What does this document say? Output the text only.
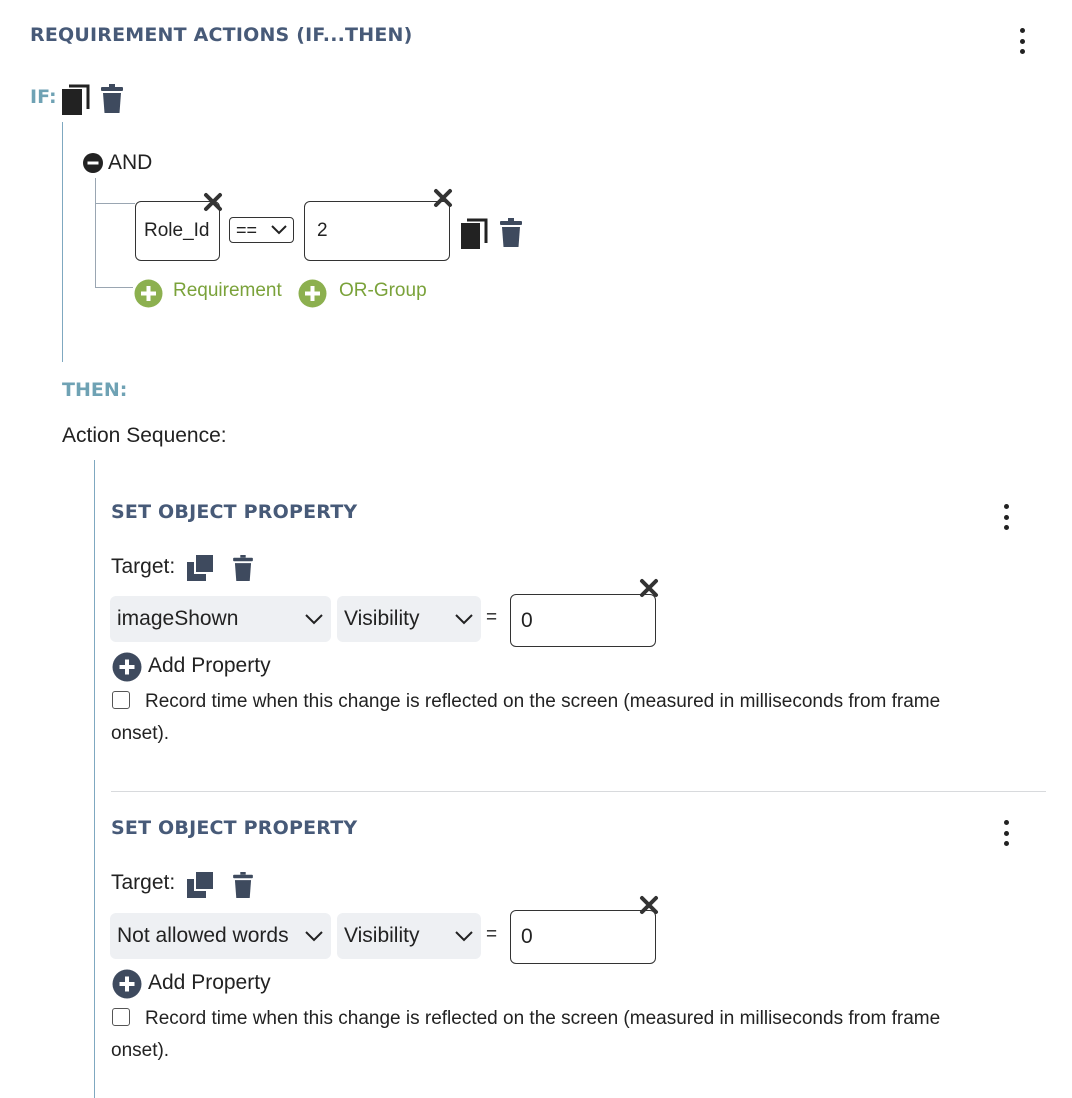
REQUIREMENT ACTIONS (IF...THEN)
IF:
AND
Role_Id	==	2
Requirement	OR-Group
THEN:
Action Sequence:
SET OBJECT PROPERTY
Target:
imageShown	Visibility	=	0
Add Property
Record time when this change is reflected on the screen (measured in milliseconds from frame
onset).
SET OBJECT PROPERTY
Target:
Not allowed words	Visibility	=	0
Add Property
Record time when this change is reflected on the screen (measured in milliseconds from frame
onset).
